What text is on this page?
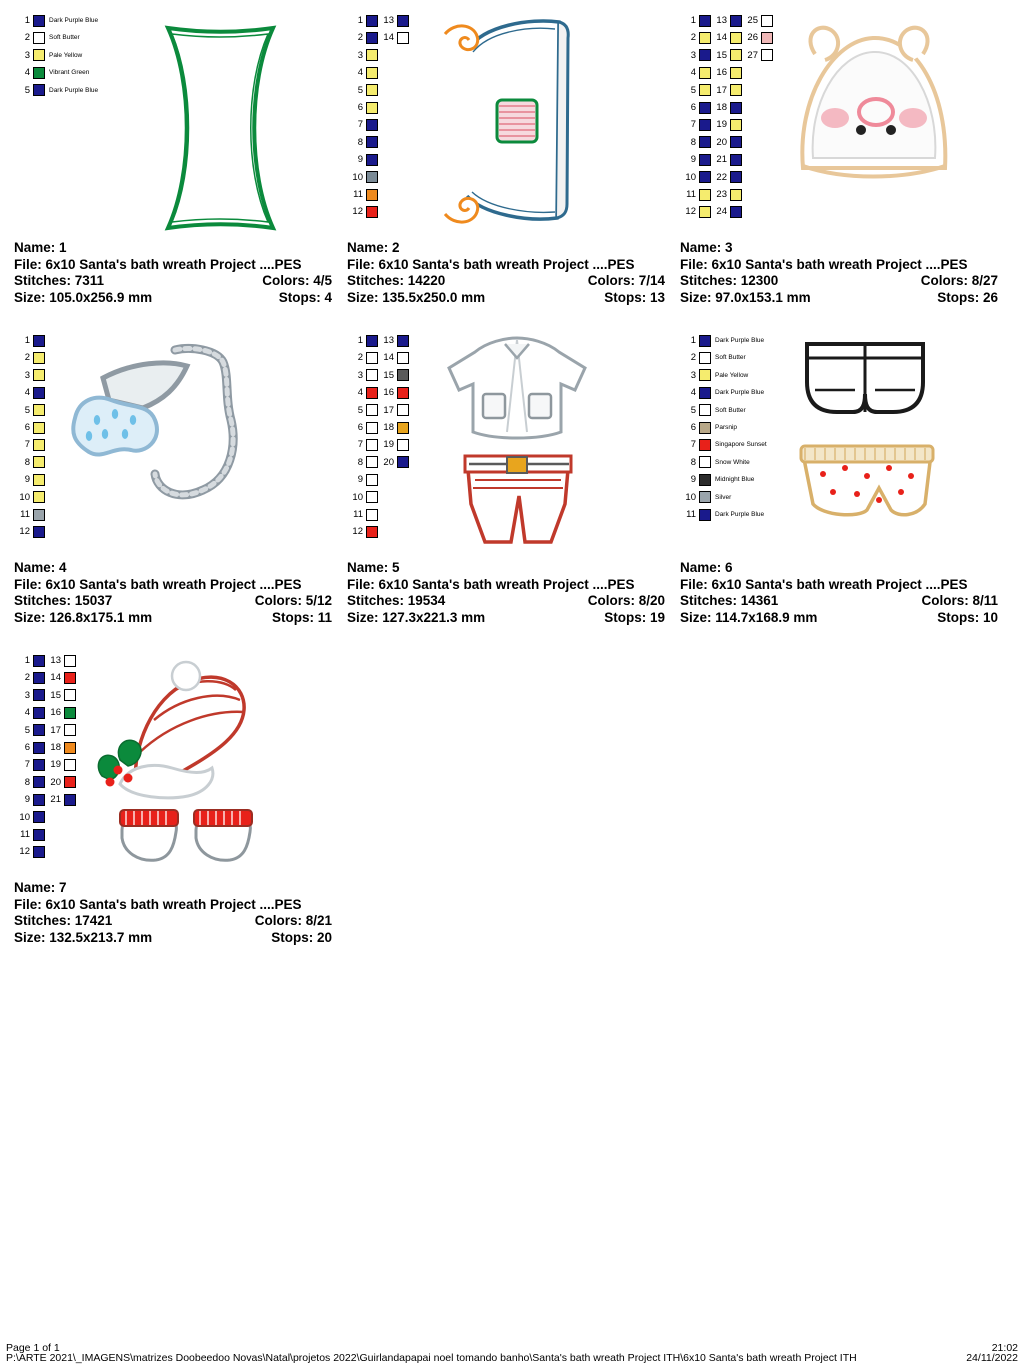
1	Dark Purple Blue
2	Soft Butter
3	Pale Yellow
4	Vibrant Green
5	Dark Purple Blue
Name: 1
File: 6x10 Santa's bath wreath Project ....PES
Stitches: 7311	Colors: 4/5
Size: 105.0x256.9 mm	Stops: 4
1
2
3
4
5
6
7
8
9
10
11
12
13
14
Name: 2
File: 6x10 Santa's bath wreath Project ....PES
Stitches: 14220	Colors: 7/14
Size: 135.5x250.0 mm	Stops: 13
1
2
3
4
5
6
7
8
9
10
11
12
13
14
15
16
17
18
19
20
21
22
23
24
25
26
27
Name: 3
File: 6x10 Santa's bath wreath Project ....PES
Stitches: 12300	Colors: 8/27
Size: 97.0x153.1 mm	Stops: 26
1
2
3
4
5
6
7
8
9
10
11
12
Name: 4
File: 6x10 Santa's bath wreath Project ....PES
Stitches: 15037	Colors: 5/12
Size: 126.8x175.1 mm	Stops: 11
1
2
3
4
5
6
7
8
9
10
11
12
13
14
15
16
17
18
19
20
Name: 5
File: 6x10 Santa's bath wreath Project ....PES
Stitches: 19534	Colors: 8/20
Size: 127.3x221.3 mm	Stops: 19
1	Dark Purple Blue
2	Soft Butter
3	Pale Yellow
4	Dark Purple Blue
5	Soft Butter
6	Parsnip
7	Singapore Sunset
8	Snow White
9	Midnight Blue
10	Silver
11	Dark Purple Blue
Name: 6
File: 6x10 Santa's bath wreath Project ....PES
Stitches: 14361	Colors: 8/11
Size: 114.7x168.9 mm	Stops: 10
1
2
3
4
5
6
7
8
9
10
11
12
13
14
15
16
17
18
19
20
21
Name: 7
File: 6x10 Santa's bath wreath Project ....PES
Stitches: 17421	Colors: 8/21
Size: 132.5x213.7 mm	Stops: 20
P:\ARTE 2021\_IMAGENS\matrizes Doobeedoo Novas\Natal\projetos 2022\Guirlandapapai noel tomando banho\Santa's bath wreath Project ITH\6x10 Santa's bath wreath Project ITH	24/11/2022
Page 1 of 1	21:02
